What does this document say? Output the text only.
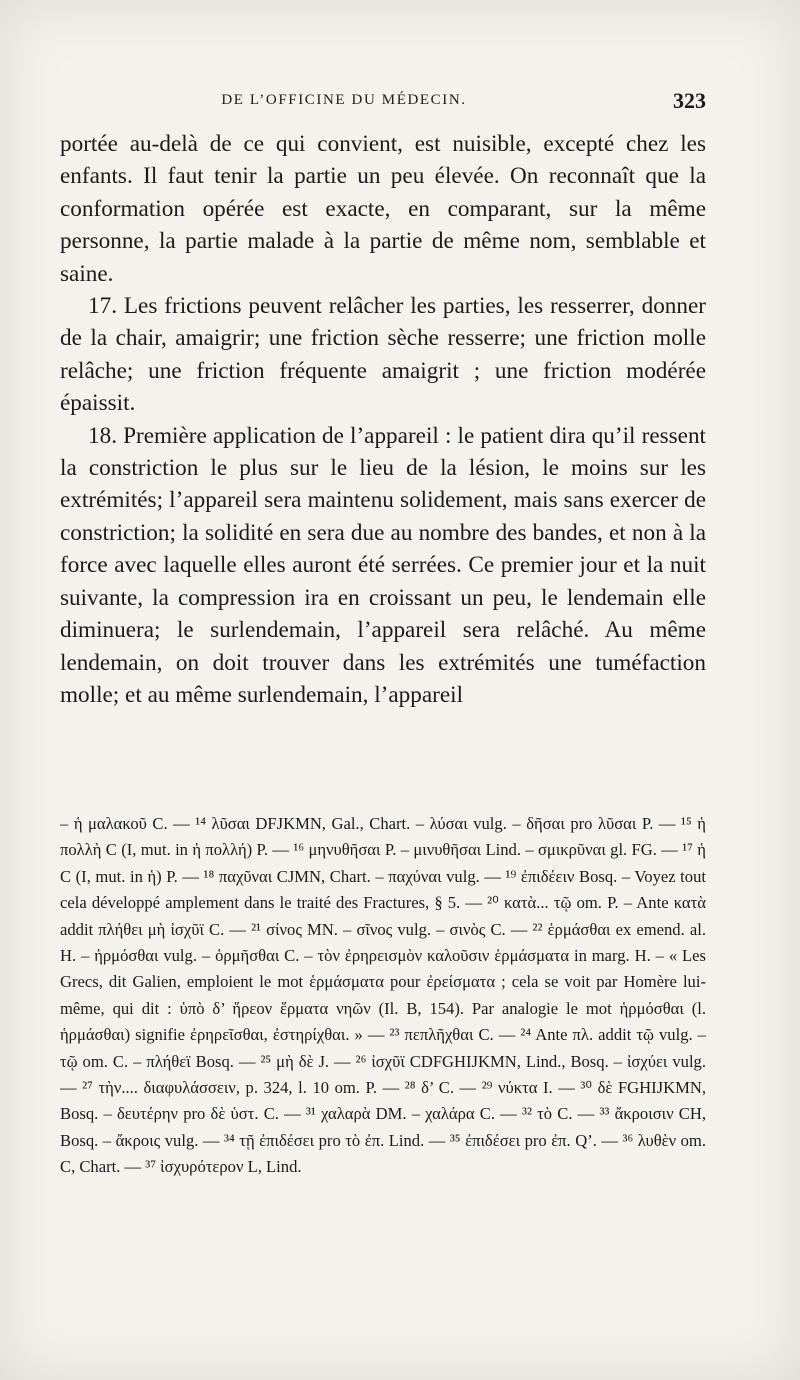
DE L’OFFICINE DU MÉDECIN.	323

portée au-delà de ce qui convient, est nuisible, excepté chez les enfants. Il faut tenir la partie un peu élevée. On reconnaît que la conformation opérée est exacte, en comparant, sur la même personne, la partie malade à la partie de même nom, semblable et saine.

17. Les frictions peuvent relâcher les parties, les resserrer, donner de la chair, amaigrir; une friction sèche resserre; une friction molle relâche; une friction fréquente amaigrit ; une friction modérée épaissit.

18. Première application de l’appareil : le patient dira qu’il ressent la constriction le plus sur le lieu de la lésion, le moins sur les extrémités; l’appareil sera maintenu solidement, mais sans exercer de constriction; la solidité en sera due au nombre des bandes, et non à la force avec laquelle elles auront été serrées. Ce premier jour et la nuit suivante, la compression ira en croissant un peu, le lendemain elle diminuera; le surlendemain, l’appareil sera relâché. Au même lendemain, on doit trouver dans les extrémités une tuméfaction molle; et au même surlendemain, l’appareil

– ἡ μαλακοῦ C. — ¹⁴ λῦσαι DFJKMN, Gal., Chart. – λύσαι vulg. – δῆσαι pro λῦσαι P. — ¹⁵ ἡ πολλὴ C (I, mut. in ἡ πολλή) P. — ¹⁶ μηνυθῆσαι P. – μινυθῆσαι Lind. – σμικρῦναι gl. FG. — ¹⁷ ἡ C (I, mut. in ἡ) P. — ¹⁸ παχῦναι CJMN, Chart. – παχύναι vulg. — ¹⁹ ἐπιδέειν Bosq. – Voyez tout cela développé amplement dans le traité des Fractures, § 5. — ²⁰ κατὰ... τῷ om. P. – Ante κατὰ addit πλήθει μὴ ἰσχῦϊ C. — ²¹ σίνος MN. – σῖνος vulg. – σινὸς C. — ²² ἑρμάσθαι ex emend. al. H. – ἡρμόσθαι vulg. – ὁρμῆσθαι C. – τὸν ἐρηρεισμὸν καλοῦσιν ἑρμάσματα in marg. H. – « Les Grecs, dit Galien, emploient le mot ἑρμάσματα pour ἐρείσματα ; cela se voit par Homère lui-même, qui dit : ὑπὸ δ’ ἥρεον ἕρματα νηῶν (Il. B, 154). Par analogie le mot ἡρμόσθαι (l. ἡρμάσθαι) signifie ἐρηρεῖσθαι, ἐστηρίχθαι. » — ²³ πεπλῆχθαι C. — ²⁴ Ante πλ. addit τῷ vulg. – τῷ om. C. – πλήθεϊ Bosq. — ²⁵ μὴ δὲ J. — ²⁶ ἰσχῦϊ CDFGHIJKMN, Lind., Bosq. – ἰσχύει vulg. — ²⁷ τὴν.... διαφυλάσσειν, p. 324, l. 10 om. P. — ²⁸ δ’ C. — ²⁹ νύκτα I. — ³⁰ δὲ FGHIJKMN, Bosq. – δευτέρην pro δὲ ὑστ. C. — ³¹ χαλαρὰ DM. – χαλάρα C. — ³² τὸ C. — ³³ ἄκροισιν CH, Bosq. – ἄκροις vulg. — ³⁴ τῇ ἐπιδέσει pro τὸ ἐπ. Lind. — ³⁵ ἐπιδέσει pro ἐπ. Q’. — ³⁶ λυθὲν om. C, Chart. — ³⁷ ἰσχυρότερον L, Lind.
